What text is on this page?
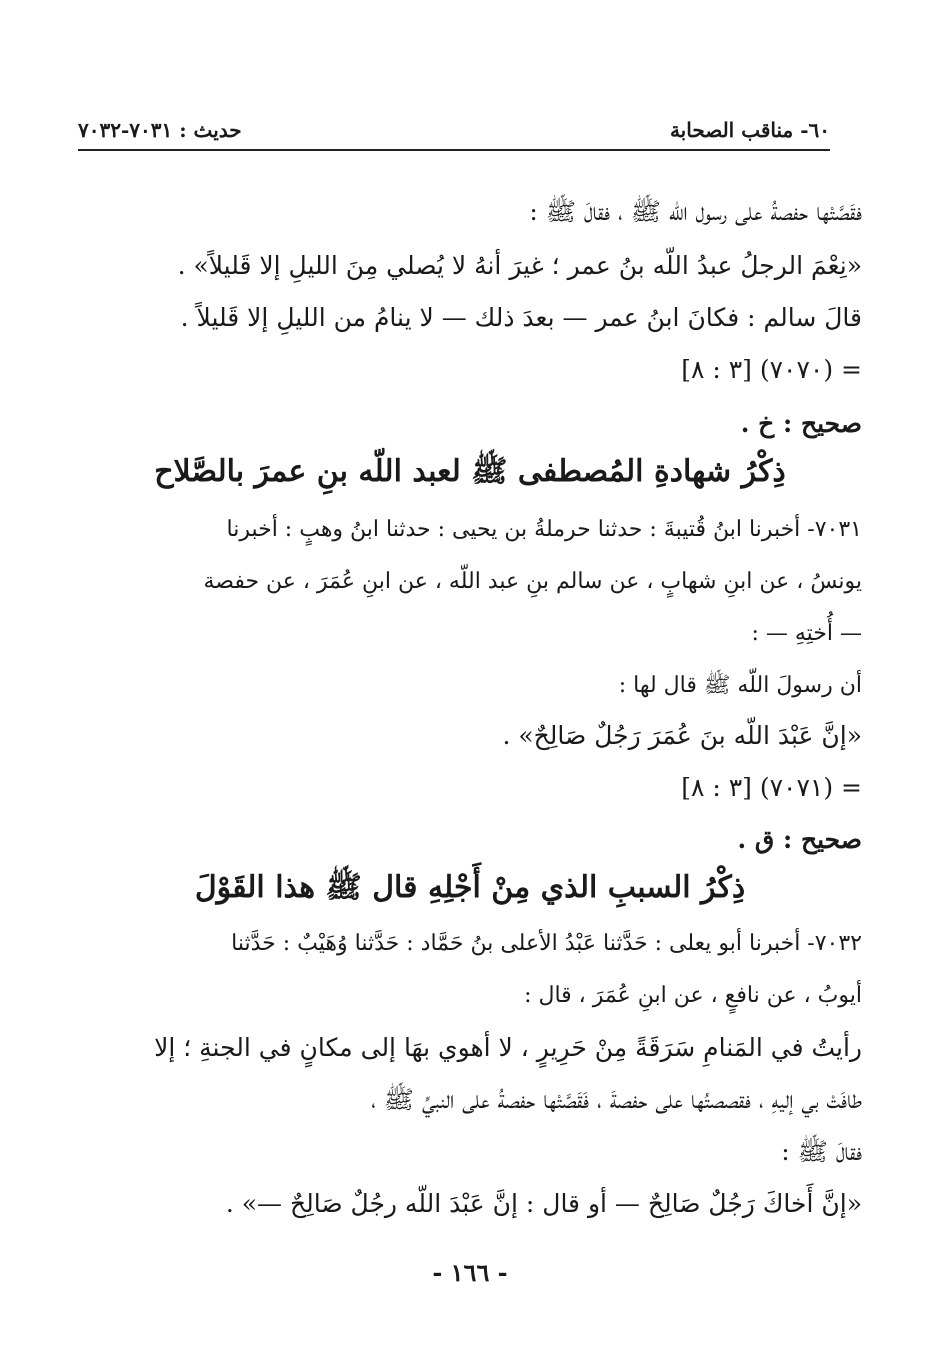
٦٠- مناقب الصحابة
حديث : ٧٠٣١-٧٠٣٢
فقَصَّتْها حفصةُ على رسول اللّه ﷺ ، فقالَ ﷺ :
«نِعْمَ الرجلُ عبدُ اللّه بنُ عمر ؛ غيرَ أنهُ لا يُصلي مِنَ الليلِ إلا قَليلاً» .
قالَ سالم : فكانَ ابنُ عمر — بعدَ ذلك — لا ينامُ من الليلِ إلا قَليلاً .
= (٧٠٧٠) [٣ : ٨]
صحيح : خ .
ذِكْرُ شهادةِ المُصطفى ﷺ لعبد اللّه بنِ عمرَ بالصَّلاح
٧٠٣١- أخبرنا ابنُ قُتيبةَ : حدثنا حرملةُ بن يحيى : حدثنا ابنُ وهبٍ : أخبرنا
يونسُ ، عن ابنِ شهابٍ ، عن سالم بنِ عبد اللّه ، عن ابنِ عُمَرَ ، عن حفصة
— أُختِهِ — :
أن رسولَ اللّه ﷺ قال لها :
«إنَّ عَبْدَ اللّه بنَ عُمَرَ رَجُلٌ صَالِحٌ» .
= (٧٠٧١) [٣ : ٨]
صحيح : ق .
ذِكْرُ السببِ الذي مِنْ أَجْلِهِ قال ﷺ هذا القَوْلَ
٧٠٣٢- أخبرنا أبو يعلى : حَدَّثنا عَبْدُ الأعلى بنُ حَمَّاد : حَدَّثنا وُهَيْبٌ : حَدَّثنا
أيوبُ ، عن نافعٍ ، عن ابنِ عُمَرَ ، قال :
رأيتُ في المَنامِ سَرَقَةً مِنْ حَرِيرٍ ، لا أهوي بهَا إلى مكانٍ في الجنةِ ؛ إلا
طافَتْ بي إليهِ ، فقصصتُها على حفصةَ ، فَقَصَّتْها حفصةُ على النبيِّ ﷺ ،
فقالَ ﷺ :
«إنَّ أَخاكَ رَجُلٌ صَالِحٌ — أو قال : إنَّ عَبْدَ اللّه رجُلٌ صَالِحٌ —» .
- ١٦٦ -
